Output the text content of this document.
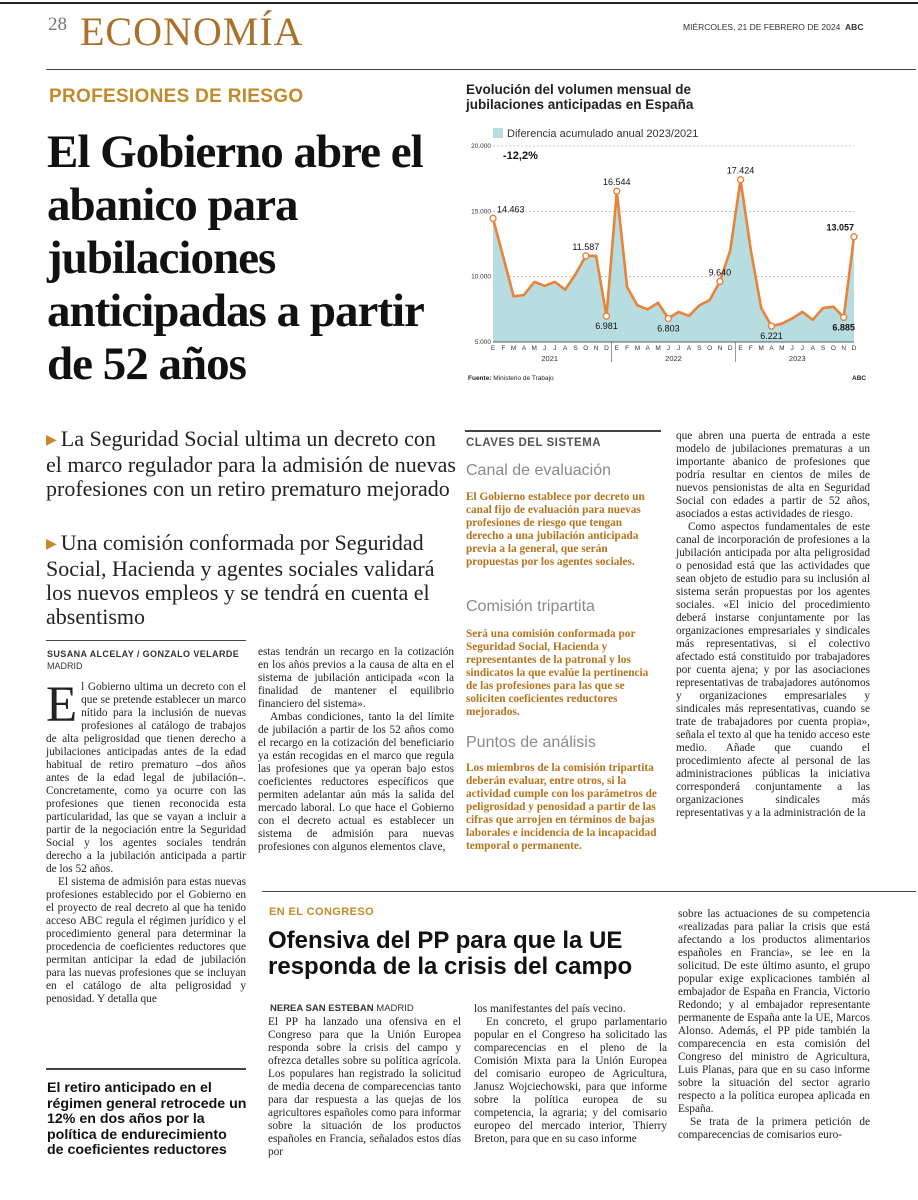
28 ECONOMÍA	MIÉRCOLES, 21 DE FEBRERO DE 2024 ABC
PROFESIONES DE RIESGO
El Gobierno abre el abanico para jubilaciones anticipadas a partir de 52 años

▶ La Seguridad Social ultima un decreto con el marco regulador para la admisión de nuevas profesiones con un retiro prematuro mejorado

▶ Una comisión conformada por Seguridad Social, Hacienda y agentes sociales validará los nuevos empleos y se tendrá en cuenta el absentismo

SUSANA ALCELAY / GONZALO VELARDE
MADRID

El Gobierno ultima un decreto con el que se pretende establecer un marco nítido para la inclusión de nuevas profesiones al catálogo de trabajos de alta peligrosidad que tienen derecho a jubilaciones anticipadas antes de la edad habitual de retiro prematuro –dos años antes de la edad legal de jubilación–. Concretamente, como ya ocurre con las profesiones que tienen reconocida esta particularidad, las que se vayan a incluir a partir de la negociación entre la Seguridad Social y los agentes sociales tendrán derecho a la jubilación anticipada a partir de los 52 años.

El sistema de admisión para estas nuevas profesiones establecido por el Gobierno en el proyecto de real decreto al que ha tenido acceso ABC regula el régimen jurídico y el procedimiento general para determinar la procedencia de coeficientes reductores que permitan anticipar la edad de jubilación para las nuevas profesiones que se incluyan en el catálogo de alta peligrosidad y penosidad. Y detalla que

estas tendrán un recargo en la cotización en los años previos a la causa de alta en el sistema de jubilación anticipada «con la finalidad de mantener el equilibrio financiero del sistema».

Ambas condiciones, tanto la del límite de jubilación a partir de los 52 años como el recargo en la cotización del beneficiario ya están recogidas en el marco que regula las profesiones que ya operan bajo estos coeficientes reductores específicos que permiten adelantar aún más la salida del mercado laboral. Lo que hace el Gobierno con el decreto actual es establecer un sistema de admisión para nuevas profesiones con algunos elementos clave,

El retiro anticipado en el régimen general retrocede un 12% en dos años por la política de endurecimiento de coeficientes reductores

CLAVES DEL SISTEMA

Canal de evaluación

El Gobierno establece por decreto un canal fijo de evaluación para nuevas profesiones de riesgo que tengan derecho a una jubilación anticipada previa a la general, que serán propuestas por los agentes sociales.

Comisión tripartita

Será una comisión conformada por Seguridad Social, Hacienda y representantes de la patronal y los sindicatos la que evalúe la pertinencia de las profesiones para las que se soliciten coeficientes reductores mejorados.

Puntos de análisis

Los miembros de la comisión tripartita deberán evaluar, entre otros, si la actividad cumple con los parámetros de peligrosidad y penosidad a partir de las cifras que arrojen en términos de bajas laborales e incidencia de la incapacidad temporal o permanente.

que abren una puerta de entrada a este modelo de jubilaciones prematuras a un importante abanico de profesiones que podría resultar en cientos de miles de nuevos pensionistas de alta en Seguridad Social con edades a partir de 52 años, asociados a estas actividades de riesgo.

Como aspectos fundamentales de este canal de incorporación de profesiones a la jubilación anticipada por alta peligrosidad o penosidad está que las actividades que sean objeto de estudio para su inclusión al sistema serán propuestas por los agentes sociales. «El inicio del procedimiento deberá instarse conjuntamente por las organizaciones empresariales y sindicales más representativas, si el colectivo afectado está constituido por trabajadores por cuenta ajena; y por las asociaciones representativas de trabajadores autónomos y organizaciones empresariales y sindicales más representativas, cuando se trate de trabajadores por cuenta propia», señala el texto al que ha tenido acceso este medio. Añade que cuando el procedimiento afecte al personal de las administraciones públicas la iniciativa corresponderá conjuntamente a las organizaciones sindicales más representativas y a la administración de la

EN EL CONGRESO
Ofensiva del PP para que la UE responda de la crisis del campo
NEREA SAN ESTEBAN MADRID

El PP ha lanzado una ofensiva en el Congreso para que la Unión Europea responda sobre la crisis del campo y ofrezca detalles sobre su política agrícola. Los populares han registrado la solicitud de media decena de comparecencias tanto para dar respuesta a las quejas de los agricultores españoles como para informar sobre la situación de los productos españoles en Francia, señalados estos días por

los manifestantes del país vecino.

En concreto, el grupo parlamentario popular en el Congreso ha solicitado las comparecencias en el pleno de la Comisión Mixta para la Unión Europea del comisario europeo de Agricultura, Janusz Wojciechowski, para que informe sobre la política europea de su competencia, la agraria; y del comisario europeo del mercado interior, Thierry Breton, para que en su caso informe

sobre las actuaciones de su competencia «realizadas para paliar la crisis que está afectando a los productos alimentarios españoles en Francia», se lee en la solicitud. De este último asunto, el grupo popular exige explicaciones también al embajador de España en Francia, Victorio Redondo; y al embajador representante permanente de España ante la UE, Marcos Alonso. Además, el PP pide también la comparecencia en esta comisión del Congreso del ministro de Agricultura, Luis Planas, para que en su caso informe sobre la situación del sector agrario respecto a la política europea aplicada en España.

Se trata de la primera petición de comparecencias de comisarios euro-

Evolución del volumen mensual de jubilaciones anticipadas en España

Diferencia acumulado anual 2023/2021
5.000
10.000
15.000
20.000
14.463
11.587
6.981
16.544
6.803
9.640
17.424
6.221
6.885
13.057
-12,2%
E F M A M J J A S O N D E F M A M J J A S O N D E F M A M J J A S O N D
2021	2022	2023
Fuente: Ministerio de Trabajo	ABC
